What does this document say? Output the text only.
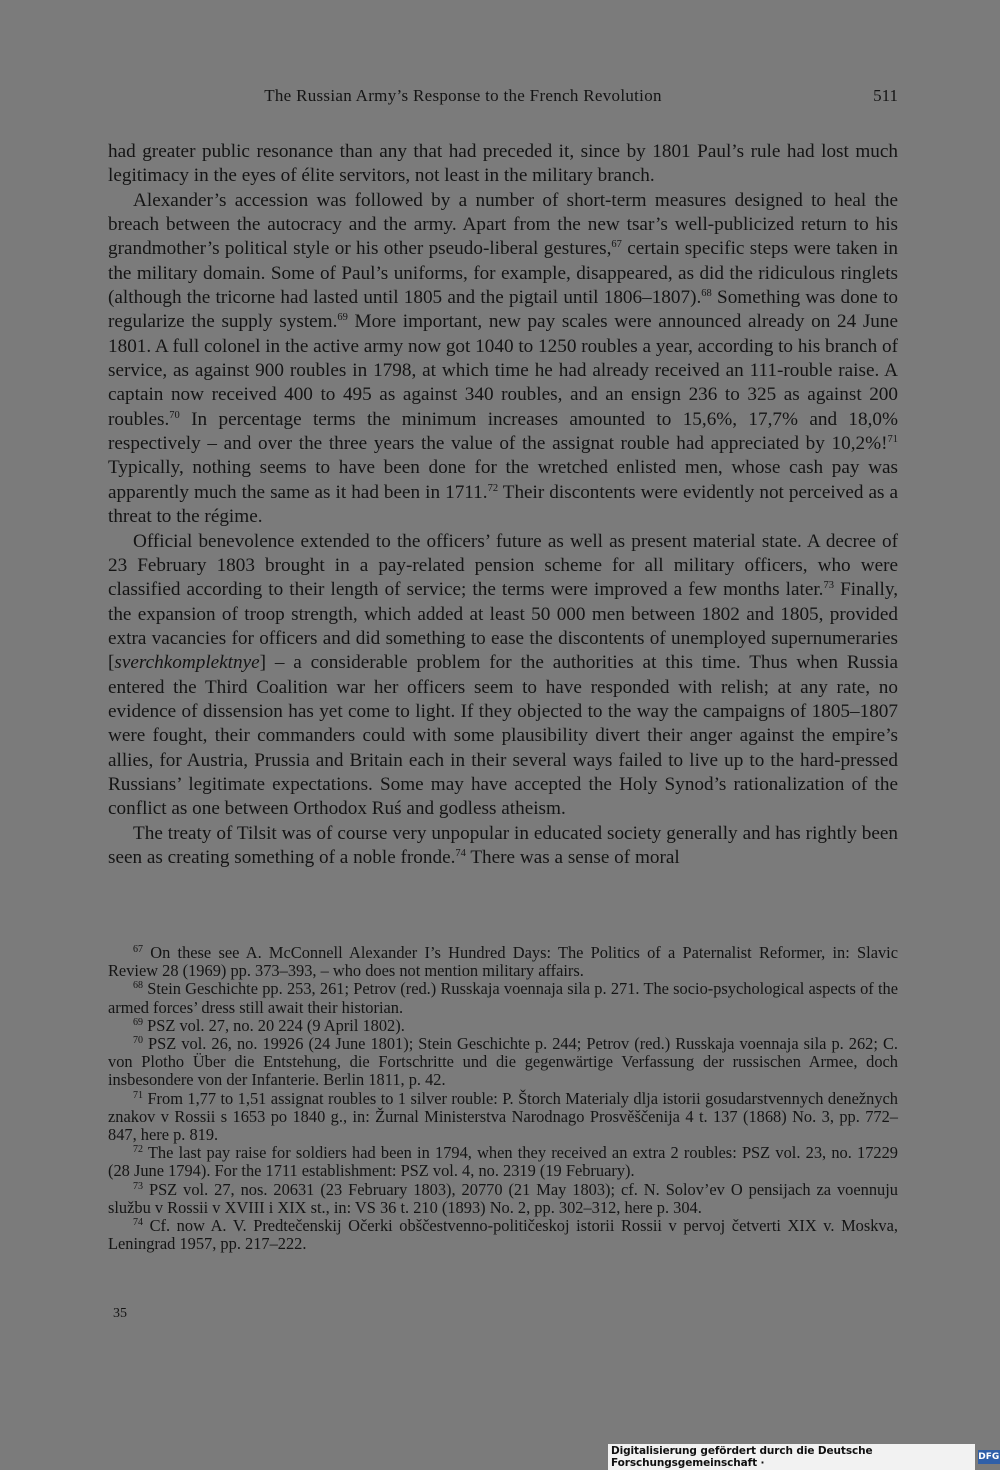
The Russian Army’s Response to the French Revolution	511

had greater public resonance than any that had preceded it, since by 1801 Paul’s rule had lost much legitimacy in the eyes of élite servitors, not least in the military branch.

Alexander’s accession was followed by a number of short-term measures designed to heal the breach between the autocracy and the army. Apart from the new tsar’s well-publicized return to his grandmother’s political style or his other pseudo-liberal gestures,$^{67}$ certain specific steps were taken in the military domain. Some of Paul’s uniforms, for example, disappeared, as did the ridiculous ringlets (although the tricorne had lasted until 1805 and the pigtail until 1806–1807).$^{68}$ Something was done to regularize the supply system.$^{69}$ More important, new pay scales were announced already on 24 June 1801. A full colonel in the active army now got 1040 to 1250 roubles a year, according to his branch of service, as against 900 roubles in 1798, at which time he had already received an 111-rouble raise. A captain now received 400 to 495 as against 340 roubles, and an ensign 236 to 325 as against 200 roubles.$^{70}$ In percentage terms the minimum increases amounted to 15,6%, 17,7% and 18,0% respectively – and over the three years the value of the assignat rouble had appreciated by 10,2%!$^{71}$ Typically, nothing seems to have been done for the wretched enlisted men, whose cash pay was apparently much the same as it had been in 1711.72 Their discontents were evidently not perceived as a threat to the régime.

Official benevolence extended to the officers’ future as well as present material state. A decree of 23 February 1803 brought in a pay-related pension scheme for all military officers, who were classified according to their length of service; the terms were improved a few months later.$^{73}$ Finally, the expansion of troop strength, which added at least 50 000 men between 1802 and 1805, provided extra vacancies for officers and did something to ease the discontents of unemployed supernumeraries [sverchkomplektnye] – a considerable problem for the authorities at this time. Thus when Russia entered the Third Coalition war her officers seem to have responded with relish; at any rate, no evidence of dissension has yet come to light. If they objected to the way the campaigns of 1805–1807 were fought, their commanders could with some plausibility divert their anger against the empire’s allies, for Austria, Prussia and Britain each in their several ways failed to live up to the hard-pressed Russians’ legitimate expectations. Some may have accepted the Holy Synod’s rationalization of the conflict as one between Orthodox Ruś and godless atheism.

The treaty of Tilsit was of course very unpopular in educated society generally and has rightly been seen as creating something of a noble fronde.$^{74}$ There was a sense of moral

$^{67}$ On these see A. McConnell Alexander I’s Hundred Days: The Politics of a Paternalist Reformer, in: Slavic Review 28 (1969) pp. 373–393, – who does not mention military affairs.

$^{68}$ Stein Geschichte pp. 253, 261; Petrov (red.) Russkaja voennaja sila p. 271. The socio-psychological aspects of the armed forces’ dress still await their historian.

$^{69}$ PSZ vol. 27, no. 20 224 (9 April 1802).

$^{70}$ PSZ vol. 26, no. 19926 (24 June 1801); Stein Geschichte p. 244; Petrov (red.) Russkaja voennaja sila p. 262; C. von Plotho Über die Entstehung, die Fortschritte und die gegenwärtige Verfassung der russischen Armee, doch insbesondere von der Infanterie. Berlin 1811, p. 42.

$^{71}$ From 1,77 to 1,51 assignat roubles to 1 silver rouble: P. Štorch Materialy dlja istorii gosudarstvennych denežnych znakov v Rossii s 1653 po 1840 g., in: Žurnal Ministerstva Narodnago Prosvěščenija 4 t. 137 (1868) No. 3, pp. 772–847, here p. 819.

$^{72}$ The last pay raise for soldiers had been in 1794, when they received an extra 2 roubles: PSZ vol. 23, no. 17229 (28 June 1794). For the 1711 establishment: PSZ vol. 4, no. 2319 (19 February).

$^{73}$ PSZ vol. 27, nos. 20631 (23 February 1803), 20770 (21 May 1803); cf. N. Solov’ev O pensijach za voennuju službu v Rossii v XVIII i XIX st., in: VS 36 t. 210 (1893) No. 2, pp. 302–312, here p. 304.

$^{74}$ Cf. now A. V. Predtečenskij Očerki obščestvenno-političeskoj istorii Rossii v pervoj četverti XIX v. Moskva, Leningrad 1957, pp. 217–222.

35
Digitalisierung gefördert durch die Deutsche Forschungsgemeinschaft ·	DFG
